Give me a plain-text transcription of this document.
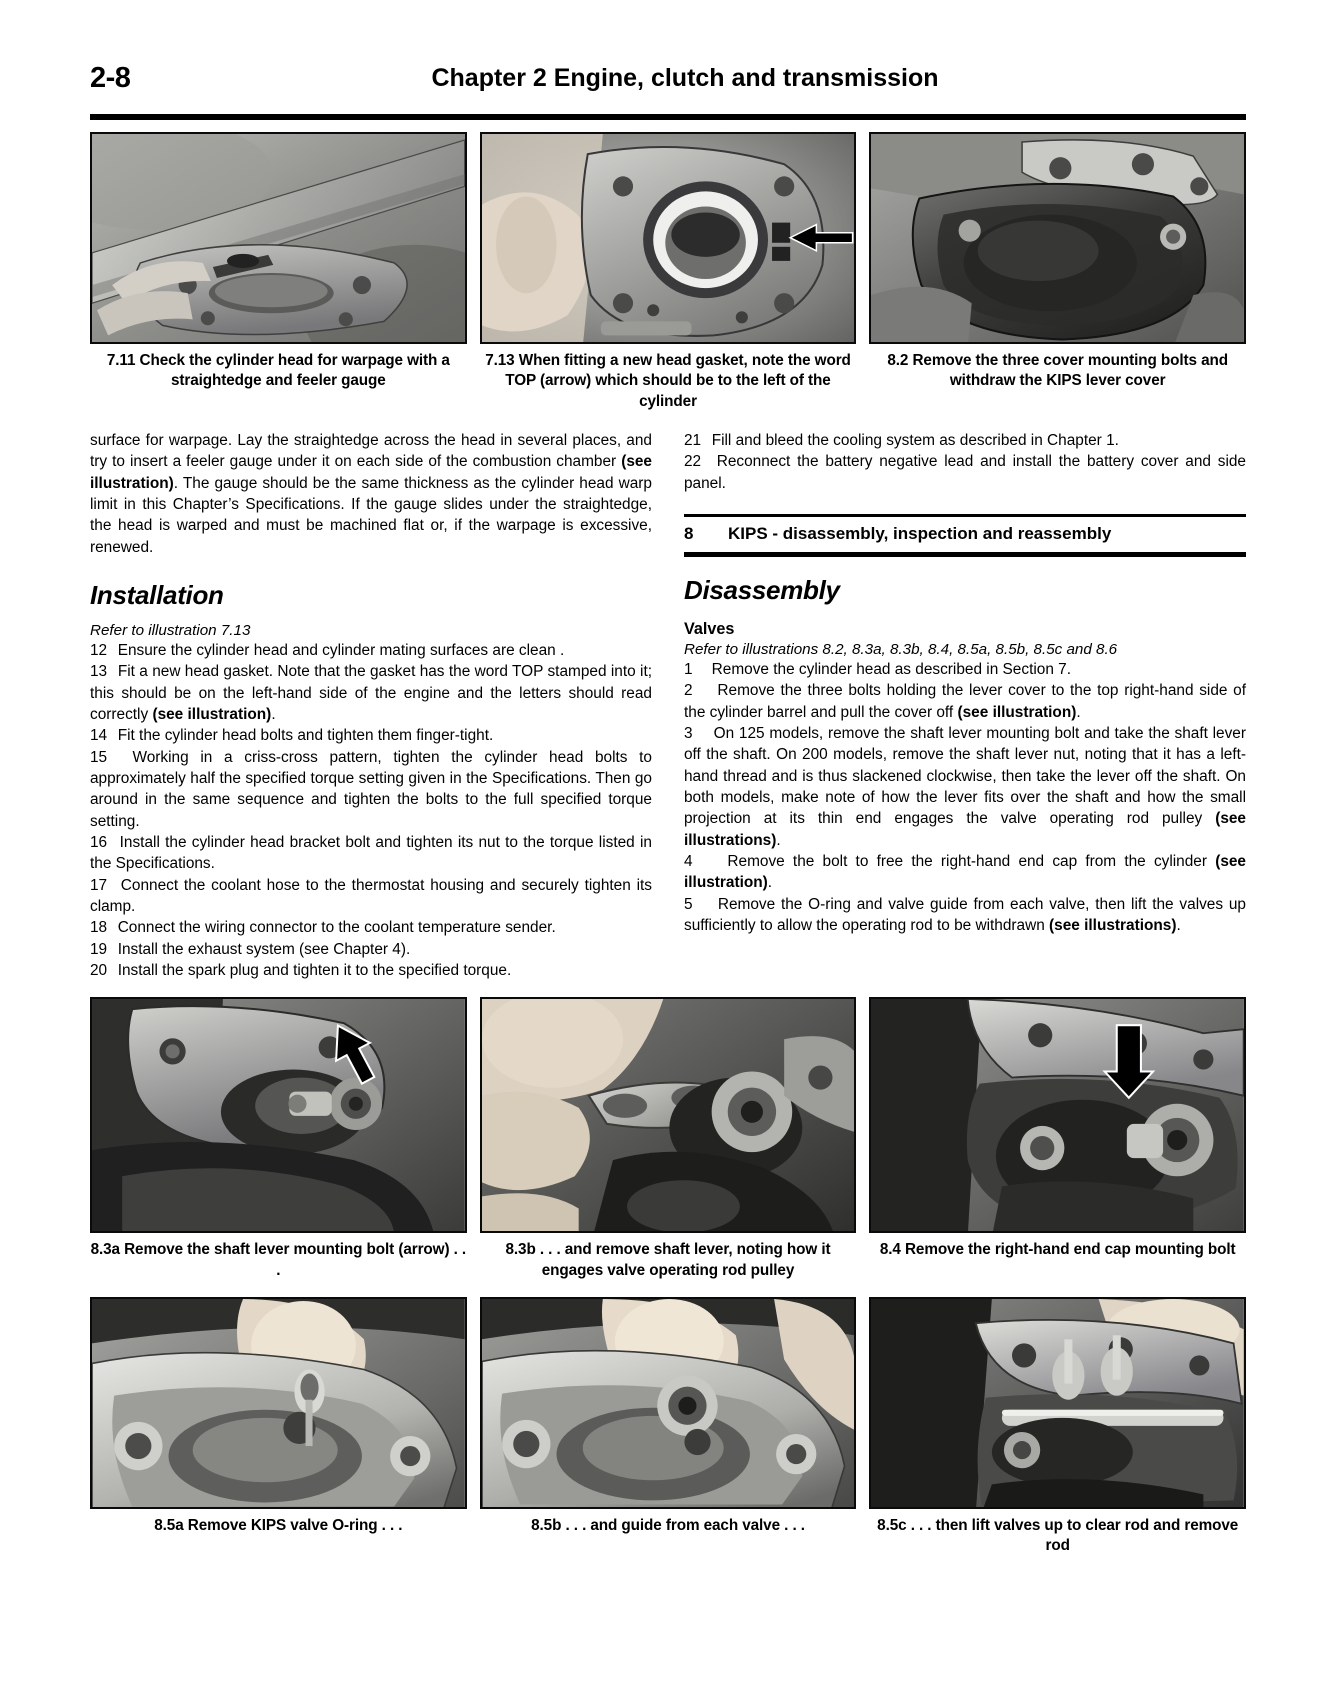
2-8	Chapter 2 Engine, clutch and transmission
7.11 Check the cylinder head for warpage with a straightedge and feeler gauge
7.13 When fitting a new head gasket, note the word TOP (arrow) which should be to the left of the cylinder
8.2 Remove the three cover mounting bolts and withdraw the KIPS lever cover
surface for warpage. Lay the straightedge across the head in several places, and try to insert a feeler gauge under it on each side of the combustion chamber (see illustration). The gauge should be the same thickness as the cylinder head warp limit in this Chapter’s Specifications. If the gauge slides under the straightedge, the head is warped and must be machined flat or, if the warpage is excessive, renewed.
Installation
Refer to illustration 7.13
12 Ensure the cylinder head and cylinder mating surfaces are clean .
13 Fit a new head gasket. Note that the gasket has the word TOP stamped into it; this should be on the left-hand side of the engine and the letters should read correctly (see illustration).
14 Fit the cylinder head bolts and tighten them finger-tight.
15 Working in a criss-cross pattern, tighten the cylinder head bolts to approximately half the specified torque setting given in the Specifications. Then go around in the same sequence and tighten the bolts to the full specified torque setting.
16 Install the cylinder head bracket bolt and tighten its nut to the torque listed in the Specifications.
17 Connect the coolant hose to the thermostat housing and securely tighten its clamp.
18 Connect the wiring connector to the coolant temperature sender.
19 Install the exhaust system (see Chapter 4).
20 Install the spark plug and tighten it to the specified torque.
21 Fill and bleed the cooling system as described in Chapter 1.
22 Reconnect the battery negative lead and install the battery cover and side panel.
8	KIPS - disassembly, inspection and reassembly
Disassembly
Valves
Refer to illustrations 8.2, 8.3a, 8.3b, 8.4, 8.5a, 8.5b, 8.5c and 8.6
1 Remove the cylinder head as described in Section 7.
2 Remove the three bolts holding the lever cover to the top right-hand side of the cylinder barrel and pull the cover off (see illustration).
3 On 125 models, remove the shaft lever mounting bolt and take the shaft lever off the shaft. On 200 models, remove the shaft lever nut, noting that it has a left-hand thread and is thus slackened clockwise, then take the lever off the shaft. On both models, make note of how the lever fits over the shaft and how the small projection at its thin end engages the valve operating rod pulley (see illustrations).
4 Remove the bolt to free the right-hand end cap from the cylinder (see illustration).
5 Remove the O-ring and valve guide from each valve, then lift the valves up sufficiently to allow the operating rod to be withdrawn (see illustrations).
8.3a Remove the shaft lever mounting bolt (arrow) . . .
8.3b . . . and remove shaft lever, noting how it engages valve operating rod pulley
8.4 Remove the right-hand end cap mounting bolt
8.5a Remove KIPS valve O-ring . . .	8.5b . . . and guide from each valve . . .	8.5c . . . then lift valves up to clear rod and remove rod
